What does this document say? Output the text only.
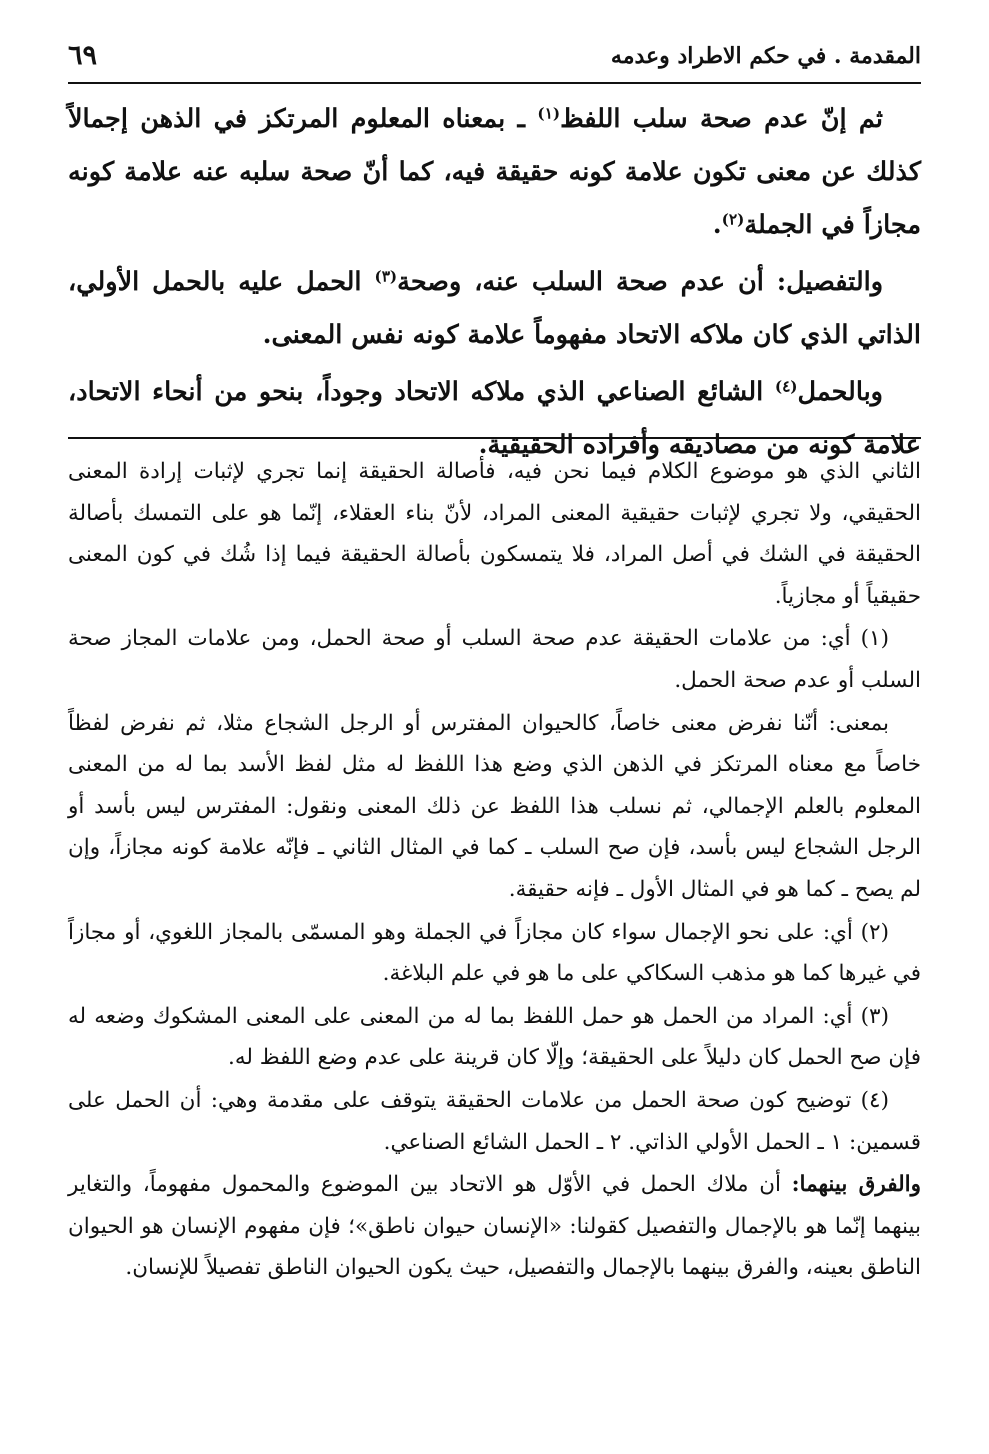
٦٩	المقدمة . في حكم الاطراد وعدمه

ثم إنّ عدم صحة سلب اللفظ$^{(١)}$ ـ بمعناه المعلوم المرتكز في الذهن إجمالاً كذلك عن معنى تكون علامة كونه حقيقة فيه، كما أنّ صحة سلبه عنه علامة كونه مجازاً في الجملة$^{(٢)}$.

والتفصيل: أن عدم صحة السلب عنه، وصحة$^{(٣)}$ الحمل عليه بالحمل الأولي، الذاتي الذي كان ملاكه الاتحاد مفهوماً علامة كونه نفس المعنى.

وبالحمل$^{(٤)}$ الشائع الصناعي الذي ملاكه الاتحاد وجوداً، بنحو من أنحاء الاتحاد، علامة كونه من مصاديقه وأفراده الحقيقية.

الثاني الذي هو موضوع الكلام فيما نحن فيه، فأصالة الحقيقة إنما تجري لإثبات إرادة المعنى الحقيقي، ولا تجري لإثبات حقيقية المعنى المراد، لأنّ بناء العقلاء، إنّما هو على التمسك بأصالة الحقيقة في الشك في أصل المراد، فلا يتمسكون بأصالة الحقيقة فيما إذا شُك في كون المعنى حقيقياً أو مجازياً.

(١) أي: من علامات الحقيقة عدم صحة السلب أو صحة الحمل، ومن علامات المجاز صحة السلب أو عدم صحة الحمل.

بمعنى: أنّنا نفرض معنى خاصاً، كالحيوان المفترس أو الرجل الشجاع مثلا، ثم نفرض لفظاً خاصاً مع معناه المرتكز في الذهن الذي وضع هذا اللفظ له مثل لفظ الأسد بما له من المعنى المعلوم بالعلم الإجمالي، ثم نسلب هذا اللفظ عن ذلك المعنى ونقول: المفترس ليس بأسد أو الرجل الشجاع ليس بأسد، فإن صح السلب ـ كما في المثال الثاني ـ فإنّه علامة كونه مجازاً، وإن لم يصح ـ كما هو في المثال الأول ـ فإنه حقيقة.

(٢) أي: على نحو الإجمال سواء كان مجازاً في الجملة وهو المسمّى بالمجاز اللغوي، أو مجازاً في غيرها كما هو مذهب السكاكي على ما هو في علم البلاغة.

(٣) أي: المراد من الحمل هو حمل اللفظ بما له من المعنى على المعنى المشكوك وضعه له فإن صح الحمل كان دليلاً على الحقيقة؛ وإلّا كان قرينة على عدم وضع اللفظ له.

(٤) توضيح كون صحة الحمل من علامات الحقيقة يتوقف على مقدمة وهي: أن الحمل على قسمين: ١ ـ الحمل الأولي الذاتي. ٢ ـ الحمل الشائع الصناعي.

والفرق بينهما: أن ملاك الحمل في الأوّل هو الاتحاد بين الموضوع والمحمول مفهوماً، والتغاير بينهما إنّما هو بالإجمال والتفصيل كقولنا: «الإنسان حيوان ناطق»؛ فإن مفهوم الإنسان هو الحيوان الناطق بعينه، والفرق بينهما بالإجمال والتفصيل، حيث يكون الحيوان الناطق تفصيلاً للإنسان.
